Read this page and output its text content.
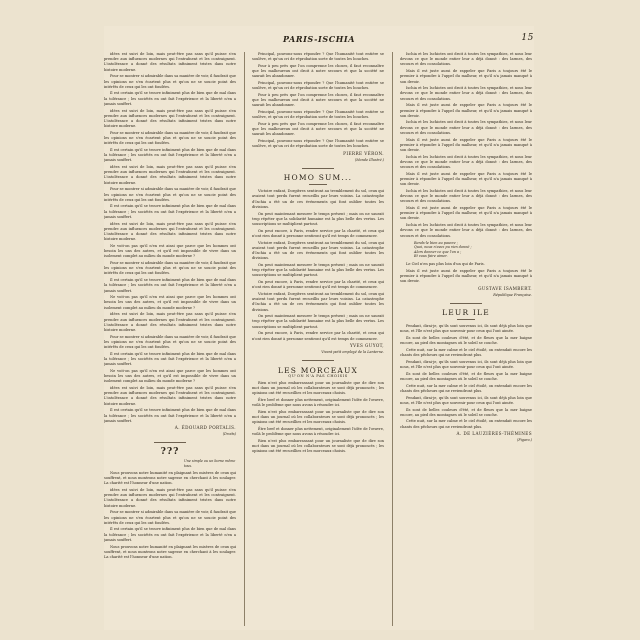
PARIS-ISCHIA	15

idées est suivi de loin, mais peut-être pas sans qu'il puisse s'en prendre aux influences modernes qui l'entraînent et les contraignent. L'intolérance a donné des résultats infiniment tristes dans notre histoire moderne.

Pour se montrer si admirable dans sa manière de voir, il faudrait que les opinions ne s'en écartent plus et qu'on ne se soucie point des intérêts de ceux qui les ont fondées.

Il est certain qu'il se trouve infiniment plus de bien que de mal dans la tolérance ; les sociétés en ont fait l'expérience et la liberté n'en a jamais souffert.

idées est suivi de loin, mais peut-être pas sans qu'il puisse s'en prendre aux influences modernes qui l'entraînent et les contraignent. L'intolérance a donné des résultats infiniment tristes dans notre histoire moderne.

Pour se montrer si admirable dans sa manière de voir, il faudrait que les opinions ne s'en écartent plus et qu'on ne se soucie point des intérêts de ceux qui les ont fondées.

Il est certain qu'il se trouve infiniment plus de bien que de mal dans la tolérance ; les sociétés en ont fait l'expérience et la liberté n'en a jamais souffert.

idées est suivi de loin, mais peut-être pas sans qu'il puisse s'en prendre aux influences modernes qui l'entraînent et les contraignent. L'intolérance a donné des résultats infiniment tristes dans notre histoire moderne.

Pour se montrer si admirable dans sa manière de voir, il faudrait que les opinions ne s'en écartent plus et qu'on ne se soucie point des intérêts de ceux qui les ont fondées.

Il est certain qu'il se trouve infiniment plus de bien que de mal dans la tolérance ; les sociétés en ont fait l'expérience et la liberté n'en a jamais souffert.

idées est suivi de loin, mais peut-être pas sans qu'il puisse s'en prendre aux influences modernes qui l'entraînent et les contraignent. L'intolérance a donné des résultats infiniment tristes dans notre histoire moderne.

Ne voit-on pas qu'il n'en est ainsi que parce que les hommes ont besoin les uns des autres, et qu'il est impossible de vivre dans un isolement complet au milieu du monde moderne ?

Pour se montrer si admirable dans sa manière de voir, il faudrait que les opinions ne s'en écartent plus et qu'on ne se soucie point des intérêts de ceux qui les ont fondées.

Il est certain qu'il se trouve infiniment plus de bien que de mal dans la tolérance ; les sociétés en ont fait l'expérience et la liberté n'en a jamais souffert.

Ne voit-on pas qu'il n'en est ainsi que parce que les hommes ont besoin les uns des autres, et qu'il est impossible de vivre dans un isolement complet au milieu du monde moderne ?

idées est suivi de loin, mais peut-être pas sans qu'il puisse s'en prendre aux influences modernes qui l'entraînent et les contraignent. L'intolérance a donné des résultats infiniment tristes dans notre histoire moderne.

Pour se montrer si admirable dans sa manière de voir, il faudrait que les opinions ne s'en écartent plus et qu'on ne se soucie point des intérêts de ceux qui les ont fondées.

Il est certain qu'il se trouve infiniment plus de bien que de mal dans la tolérance ; les sociétés en ont fait l'expérience et la liberté n'en a jamais souffert.

Ne voit-on pas qu'il n'en est ainsi que parce que les hommes ont besoin les uns des autres, et qu'il est impossible de vivre dans un isolement complet au milieu du monde moderne ?

idées est suivi de loin, mais peut-être pas sans qu'il puisse s'en prendre aux influences modernes qui l'entraînent et les contraignent. L'intolérance a donné des résultats infiniment tristes dans notre histoire moderne.

Il est certain qu'il se trouve infiniment plus de bien que de mal dans la tolérance ; les sociétés en ont fait l'expérience et la liberté n'en a jamais souffert.

A. ÉDOUARD PORTALIS.

(Droits)

???
Une simple ou un borne même tous.

Nous prouvons notre humanité en plaignant les misères de ceux qui souffrent, et nous montrons notre sagesse en cherchant à les soulager. La charité est l'honneur d'une nation.

idées est suivi de loin, mais peut-être pas sans qu'il puisse s'en prendre aux influences modernes qui l'entraînent et les contraignent. L'intolérance a donné des résultats infiniment tristes dans notre histoire moderne.

Pour se montrer si admirable dans sa manière de voir, il faudrait que les opinions ne s'en écartent plus et qu'on ne se soucie point des intérêts de ceux qui les ont fondées.

Il est certain qu'il se trouve infiniment plus de bien que de mal dans la tolérance ; les sociétés en ont fait l'expérience et la liberté n'en a jamais souffert.

Nous prouvons notre humanité en plaignant les misères de ceux qui souffrent, et nous montrons notre sagesse en cherchant à les soulager. La charité est l'honneur d'une nation.

Principal, pouvons-nous répondre ? Que l'humanité tout entière se soulève, et qu'un cri de réprobation sorte de toutes les bouches.

Pour à peu près que l'on comprenne les choses, il faut reconnaître que les malheureux ont droit à notre secours et que la société ne saurait les abandonner.

Principal, pouvons-nous répondre ? Que l'humanité tout entière se soulève, et qu'un cri de réprobation sorte de toutes les bouches.

Pour à peu près que l'on comprenne les choses, il faut reconnaître que les malheureux ont droit à notre secours et que la société ne saurait les abandonner.

Principal, pouvons-nous répondre ? Que l'humanité tout entière se soulève, et qu'un cri de réprobation sorte de toutes les bouches.

Pour à peu près que l'on comprenne les choses, il faut reconnaître que les malheureux ont droit à notre secours et que la société ne saurait les abandonner.

Principal, pouvons-nous répondre ? Que l'humanité tout entière se soulève, et qu'un cri de réprobation sorte de toutes les bouches.

PIERRE VÉRON.

(Monde Illustré.)

HOMO SUM...

Victoire enfant, Dorgières sentiront au tremblement du sol, ceux qui avaient tout perdu furent recueillis par leurs voisins. La catastrophe d'Ischia a été un de ces événements qui font oublier toutes les divisions.

On peut maintenant mesurer le temps présent ; mais on ne saurait trop répéter que la solidarité humaine est la plus belle des vertus. Les souscriptions se multiplient partout.

On peut encore, à Paris, rendre service par la charité, et ceux qui n'ont rien donné à personne sentiront qu'il est temps de commencer.

Victoire enfant, Dorgières sentiront au tremblement du sol, ceux qui avaient tout perdu furent recueillis par leurs voisins. La catastrophe d'Ischia a été un de ces événements qui font oublier toutes les divisions.

On peut maintenant mesurer le temps présent ; mais on ne saurait trop répéter que la solidarité humaine est la plus belle des vertus. Les souscriptions se multiplient partout.

On peut encore, à Paris, rendre service par la charité, et ceux qui n'ont rien donné à personne sentiront qu'il est temps de commencer.

Victoire enfant, Dorgières sentiront au tremblement du sol, ceux qui avaient tout perdu furent recueillis par leurs voisins. La catastrophe d'Ischia a été un de ces événements qui font oublier toutes les divisions.

On peut maintenant mesurer le temps présent ; mais on ne saurait trop répéter que la solidarité humaine est la plus belle des vertus. Les souscriptions se multiplient partout.

On peut encore, à Paris, rendre service par la charité, et ceux qui n'ont rien donné à personne sentiront qu'il est temps de commencer.

YVES GUYOT,

Vivant petit employé de la Lanterne.

LES MORCEAUX

QU'ON N'A PAS CHOISIS

Rien n'est plus embarrassant pour un journaliste que de dire son mot dans un journal où les collaborateurs se sont déjà prononcés ; les opinions ont été recueillies et les morceaux choisis.

Être bref et donner plus nettement, originalement l'idée de l'œuvre, voilà le problème que nous avons à résoudre ici.

Rien n'est plus embarrassant pour un journaliste que de dire son mot dans un journal où les collaborateurs se sont déjà prononcés ; les opinions ont été recueillies et les morceaux choisis.

Être bref et donner plus nettement, originalement l'idée de l'œuvre, voilà le problème que nous avons à résoudre ici.

Rien n'est plus embarrassant pour un journaliste que de dire son mot dans un journal où les collaborateurs se sont déjà prononcés ; les opinions ont été recueillies et les morceaux choisis.

Ischia et les Ischiotes ont droit à toutes les sympathies, et nous leur devons ce que le monde entier leur a déjà donné : des larmes, des secours et des consolations.

Mais il est juste aussi de rappeler que Paris a toujours été le premier à répondre à l'appel du malheur, et qu'il n'a jamais manqué à son devoir.

Ischia et les Ischiotes ont droit à toutes les sympathies, et nous leur devons ce que le monde entier leur a déjà donné : des larmes, des secours et des consolations.

Mais il est juste aussi de rappeler que Paris a toujours été le premier à répondre à l'appel du malheur, et qu'il n'a jamais manqué à son devoir.

Ischia et les Ischiotes ont droit à toutes les sympathies, et nous leur devons ce que le monde entier leur a déjà donné : des larmes, des secours et des consolations.

Mais il est juste aussi de rappeler que Paris a toujours été le premier à répondre à l'appel du malheur, et qu'il n'a jamais manqué à son devoir.

Ischia et les Ischiotes ont droit à toutes les sympathies, et nous leur devons ce que le monde entier leur a déjà donné : des larmes, des secours et des consolations.

Mais il est juste aussi de rappeler que Paris a toujours été le premier à répondre à l'appel du malheur, et qu'il n'a jamais manqué à son devoir.

Ischia et les Ischiotes ont droit à toutes les sympathies, et nous leur devons ce que le monde entier leur a déjà donné : des larmes, des secours et des consolations.

Mais il est juste aussi de rappeler que Paris a toujours été le premier à répondre à l'appel du malheur, et qu'il n'a jamais manqué à son devoir.

Ischia et les Ischiotes ont droit à toutes les sympathies, et nous leur devons ce que le monde entier leur a déjà donné : des larmes, des secours et des consolations.

Rends-le bien au pauvre ;
Quoi, nous n'avez pu rien donné ;
Alors donner ce que l'on a ;
Et vous faire aimer.

Le Ciel n'en pas plus loin d'un qui de Paris.

Mais il est juste aussi de rappeler que Paris a toujours été le premier à répondre à l'appel du malheur, et qu'il n'a jamais manqué à son devoir.

GUSTAVE ISAMBERT.

République Française.

LEUR ILE

Pendant, dirai-je, qu'ils sont souvenus ici, ils sont déjà plus loin que nous, et l'île n'est plus que souvenir pour ceux qui l'ont aimée.

Ils sont de belles couleurs d'été, et de fleurs que la mer baigne encore, au pied des montagnes où le soleil se couche.

Cette nuit, sur la mer calme et le ciel étoilé, on entendait encore les chants des pêcheurs qui ne reviendront plus.

Pendant, dirai-je, qu'ils sont souvenus ici, ils sont déjà plus loin que nous, et l'île n'est plus que souvenir pour ceux qui l'ont aimée.

Ils sont de belles couleurs d'été, et de fleurs que la mer baigne encore, au pied des montagnes où le soleil se couche.

Cette nuit, sur la mer calme et le ciel étoilé, on entendait encore les chants des pêcheurs qui ne reviendront plus.

Pendant, dirai-je, qu'ils sont souvenus ici, ils sont déjà plus loin que nous, et l'île n'est plus que souvenir pour ceux qui l'ont aimée.

Ils sont de belles couleurs d'été, et de fleurs que la mer baigne encore, au pied des montagnes où le soleil se couche.

Cette nuit, sur la mer calme et le ciel étoilé, on entendait encore les chants des pêcheurs qui ne reviendront plus.

A. DE LAUZIÈRES-THÉMINES

(Figaro.)
